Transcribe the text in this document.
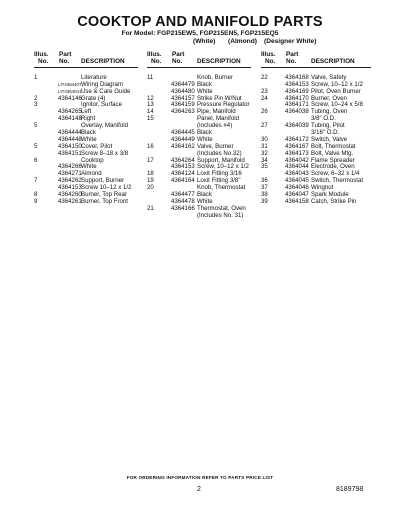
COOKTOP AND MANIFOLD PARTS
For Model: FGP215EW5, FGP215EN5, FGP215EQ5
(White) (Almond) (Designer White)
Illus.
No.
Part
No. DESCRIPTION
1	Literature
LIT4364407 Wiring Diagram
LIT4364041 Use & Care Guide
2	4364146 Grate (4)
3	Ignitor, Surface
4364265 Left
4364148 Right
5	Overlay, Manifold
4364444 Black
4364448 White
5	4364150 Cover, Pilot
4364151 Screw 8–18 x 3/8
6	Cooktop
4364266 White
4364271 Almond
7	4364262 Support, Burner
4364153 Screw 10–12 x 1/2
8	4364260 Burner, Top Rear
9	4364261 Burner, Top Front
Illus.
No.
Part
No. DESCRIPTION
11	Knob, Burner
4364479 Black
4364480 White
12	4364157 Strike Pin W/Nut
13	4364159 Pressure Regulator
14	4364263 Pipe, Manifold
15	Panel, Manifold
(Includes #4)
4364445 Black
4364449 White
16	4364162 Valve, Burner
(Includes No.32)
17	4364264 Support, Manifold
4364153 Screw, 10–12 x 1/2
18	4364124 Loxit Fitting 3/16
19	4364164 Loxit Fitting 3/8"
20	Knob, Thermostat
4364477 Black
4364478 White
21	4364166 Thermostat, Oven
(Includes No. 31)
Illus.
No.
Part
No. DESCRIPTION
22	4364168 Valve, Safety
4364153 Screw, 10–12 x 1/2
23	4364169 Pilot, Oven Burner
24	4364170 Burner, Oven
4364171 Screw, 10–24 x 5/8
26	4364038 Tubing, Oven
3/8" O.D.
27	4364039 Tubing, Pilot
3/16" O.D.
30	4364172 Switch, Valve
31	4364167 Bolt, Thermostat
32	4364173 Bolt, Valve Mtg.
34	4364042 Flame Spreader
35	4364044 Electrode, Oven
4364043 Screw, 6–32 x 1/4
36	4364045 Switch, Thermostat
37	4364046 Wingnut
38	4364047 Spark Module
39	4364158 Catch, Strike Pin
FOR ORDERING INFORMATION REFER TO PARTS PRICE LIST
2	8189798
